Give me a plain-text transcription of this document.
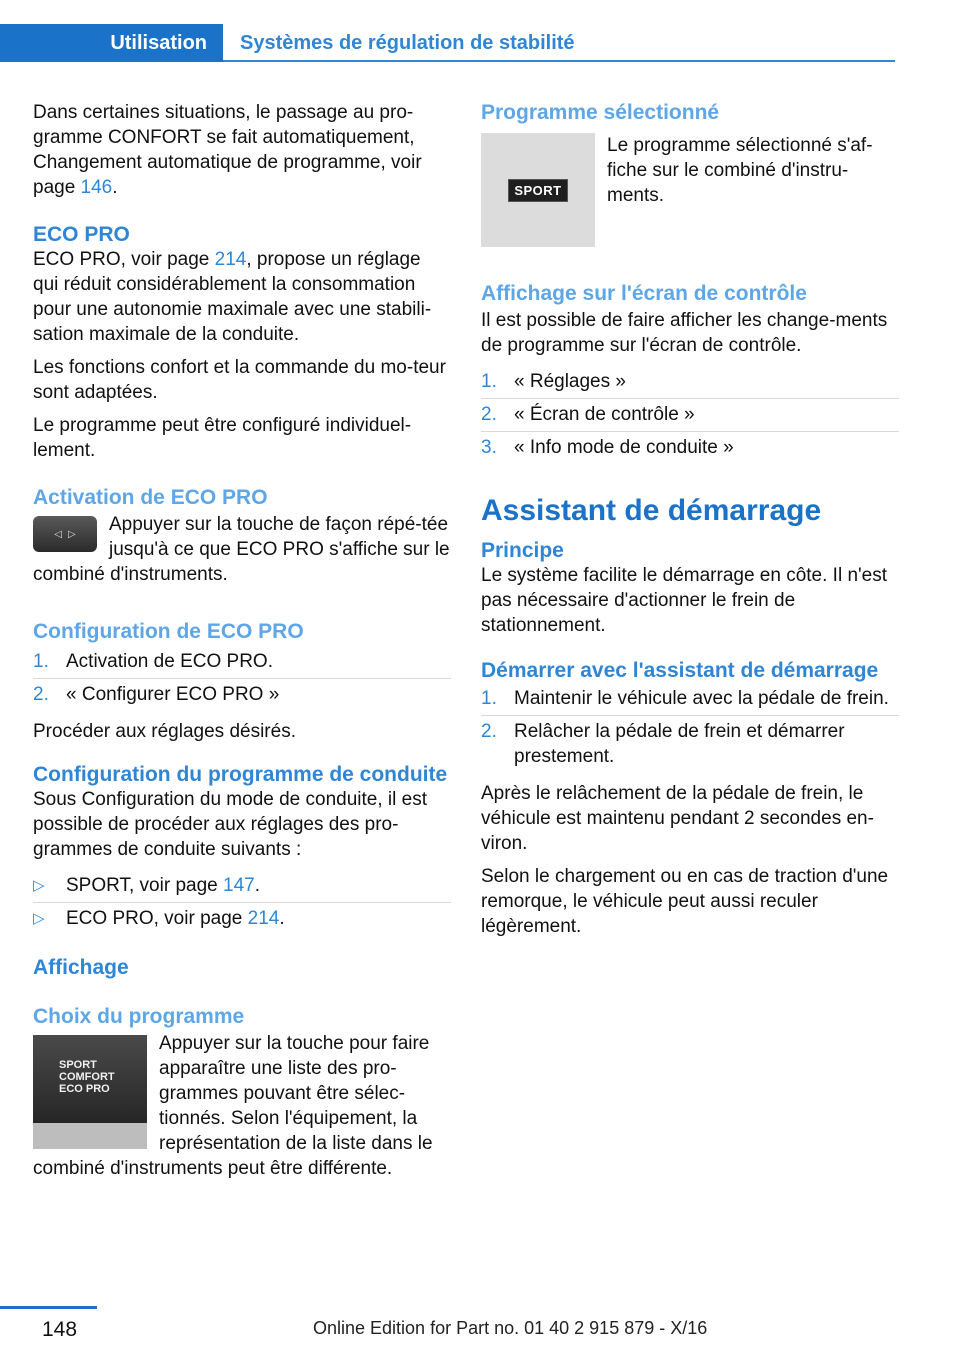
Utilisation	Systèmes de régulation de stabilité

Dans certaines situations, le passage au pro-gramme CONFORT se fait automatiquement, Changement automatique de programme, voir page 146.

ECO PRO

ECO PRO, voir page 214, propose un réglage qui réduit considérablement la consommation pour une autonomie maximale avec une stabili-sation maximale de la conduite.

Les fonctions confort et la commande du mo-teur sont adaptées.

Le programme peut être configuré individuel-lement.

Activation de ECO PRO
◁ ▷	Appuyer sur la touche de façon répé-tée jusqu'à ce que ECO PRO s'affiche sur le combiné d'instruments.

Configuration de ECO PRO
1. Activation de ECO PRO.
2. « Configurer ECO PRO »

Procéder aux réglages désirés.

Configuration du programme de conduite

Sous Configuration du mode de conduite, il est possible de procéder aux réglages des pro-grammes de conduite suivants :

▷	SPORT, voir page 147.
▷	ECO PRO, voir page 214.
Affichage
Choix du programme
SPORT
COMFORT
ECO PRO

Appuyer sur la touche pour faire apparaître une liste des pro-grammes pouvant être sélec-tionnés. Selon l'équipement, la représentation de la liste dans le combiné d'instruments peut être différente.

Programme sélectionné
SPORT

Le programme sélectionné s'af-fiche sur le combiné d'instru-ments.

Affichage sur l'écran de contrôle

Il est possible de faire afficher les change-ments de programme sur l'écran de contrôle.

1. « Réglages »
2. « Écran de contrôle »
3. « Info mode de conduite »
Assistant de démarrage
Principe

Le système facilite le démarrage en côte. Il n'est pas nécessaire d'actionner le frein de stationnement.

Démarrer avec l'assistant de démarrage
1. Maintenir le véhicule avec la pédale de frein.
2. Relâcher la pédale de frein et démarrer prestement.

Après le relâchement de la pédale de frein, le véhicule est maintenu pendant 2 secondes en-viron.

Selon le chargement ou en cas de traction d'une remorque, le véhicule peut aussi reculer légèrement.

148	Online Edition for Part no. 01 40 2 915 879 - X/16
